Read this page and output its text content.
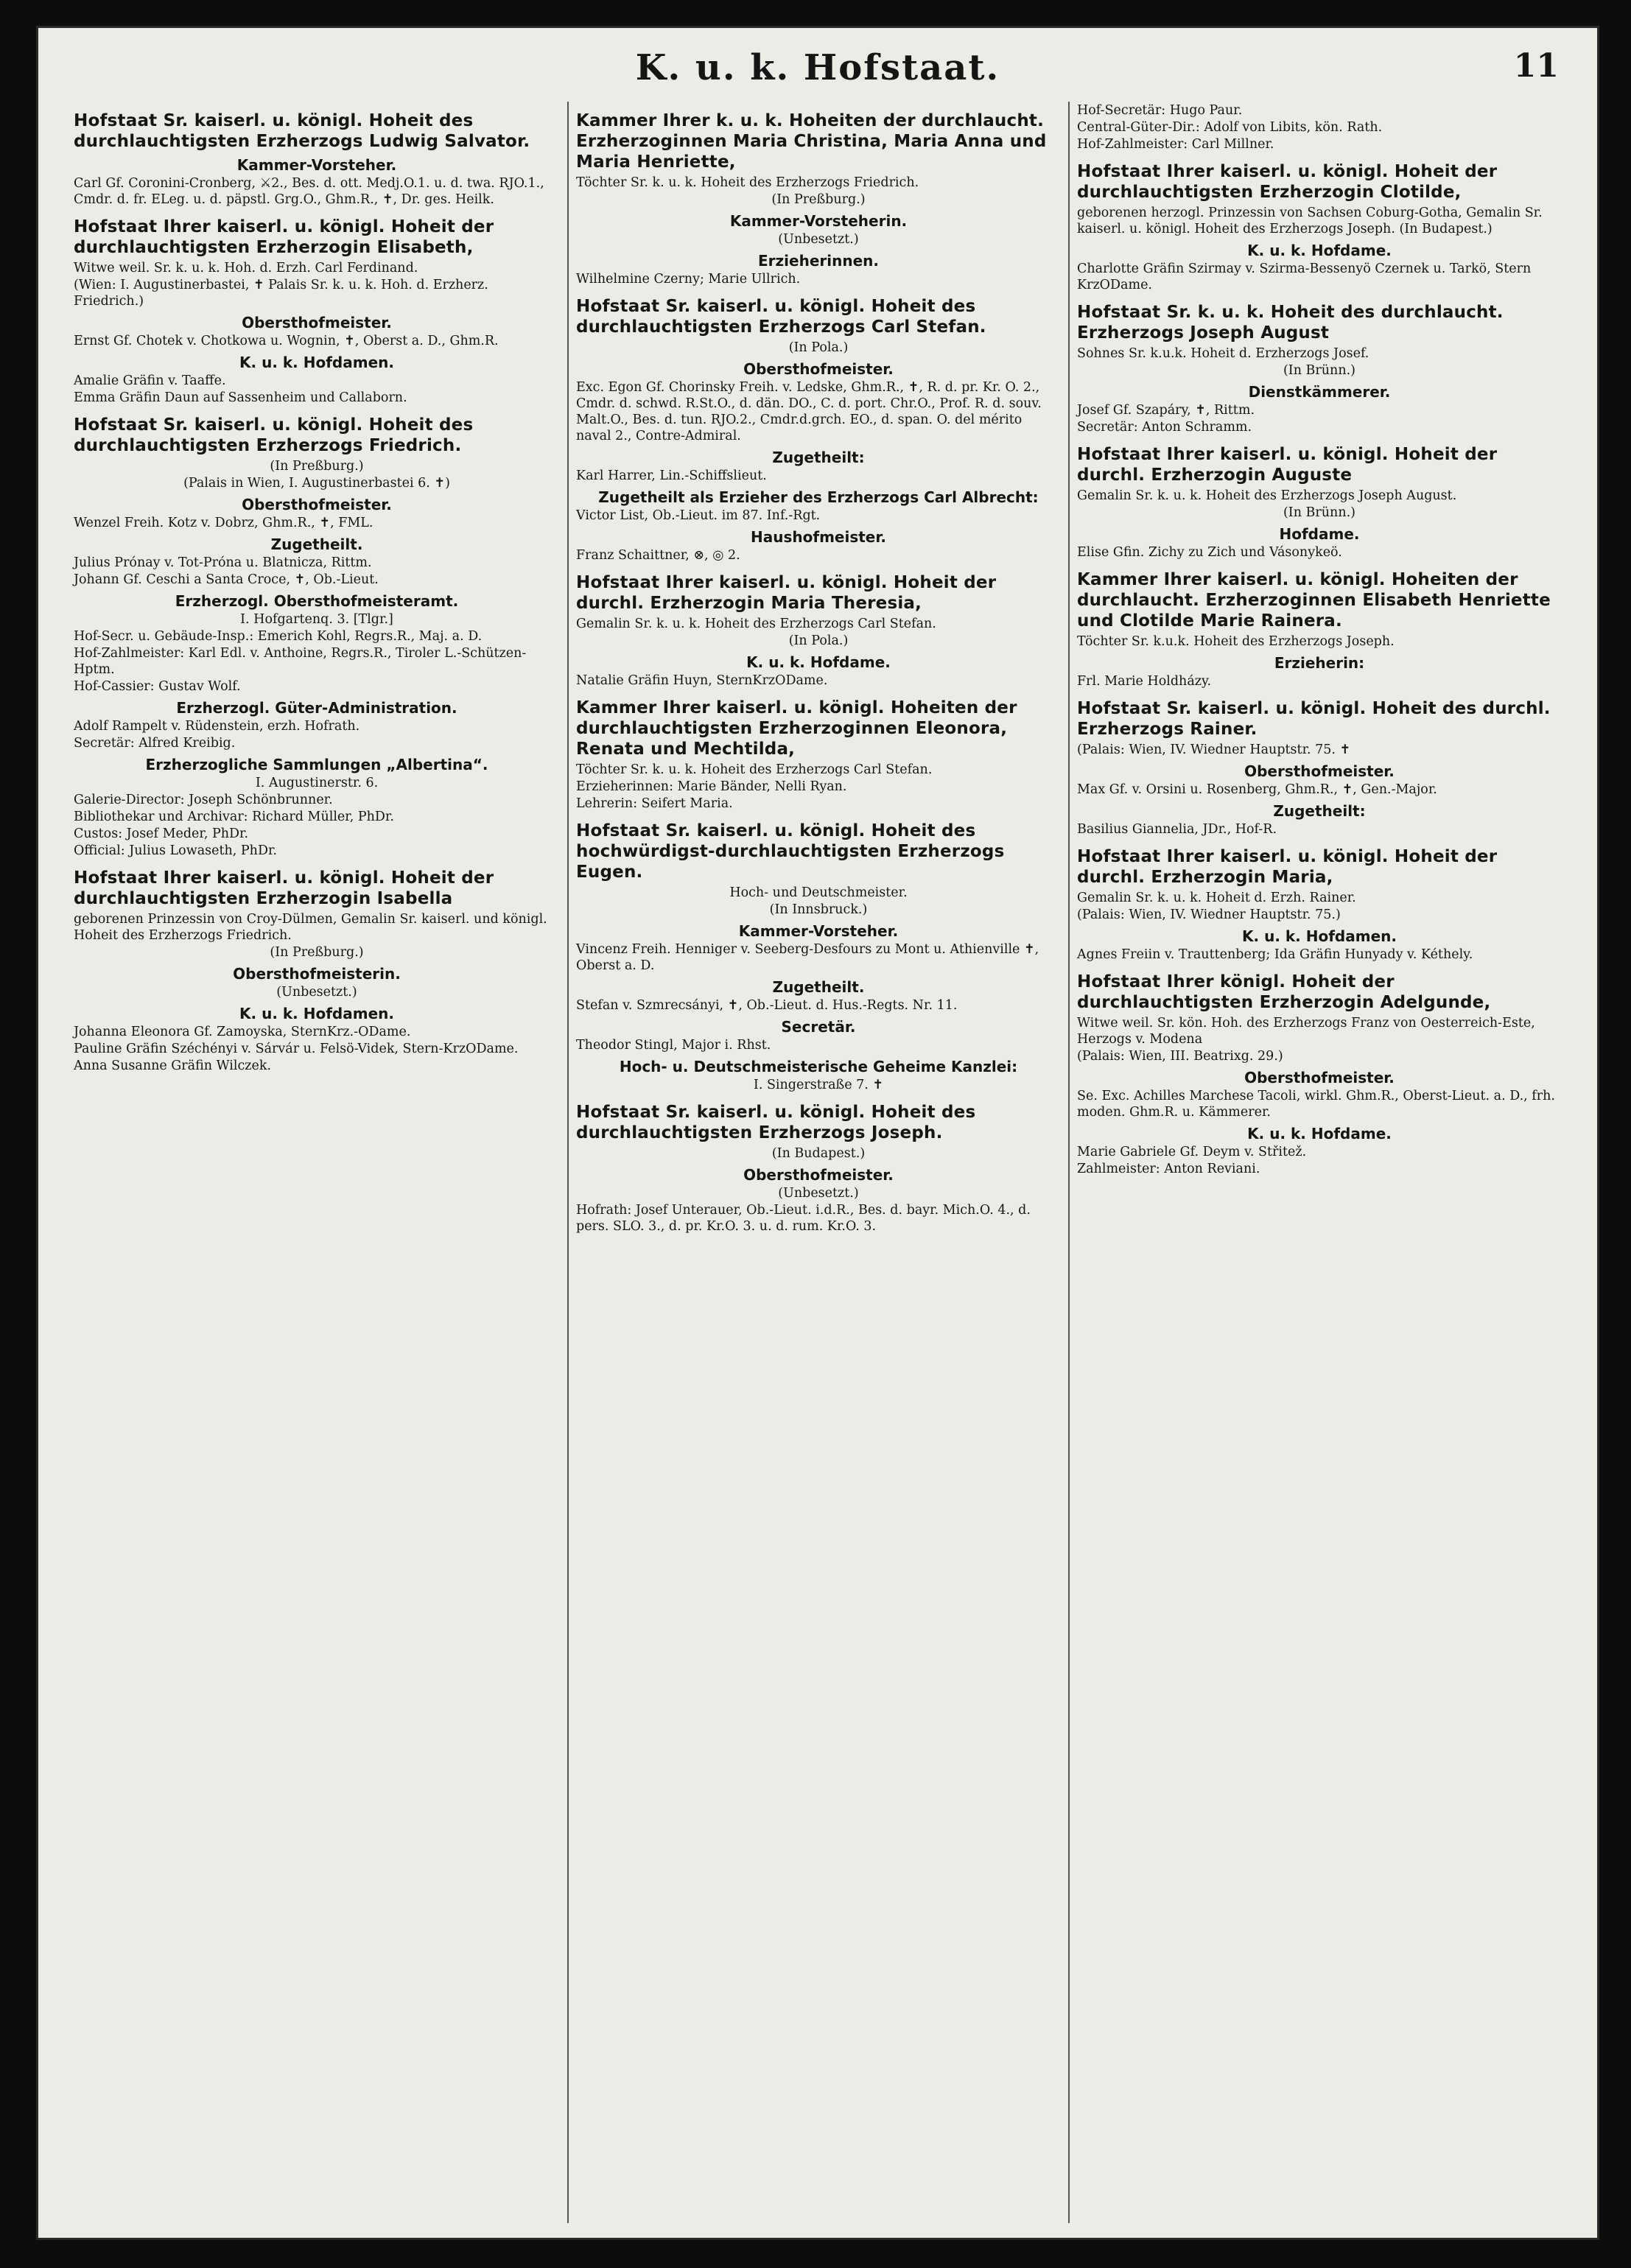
K. u. k. Hofstaat.	11
Hofstaat Sr. kaiserl. u. königl. Hoheit des durchlauchtigsten Erzherzogs Ludwig Salvator.
Kammer-Vorsteher.
Carl Gf. Coronini-Cronberg, ⚔2., Bes. d. ott. Medj.O.1. u. d. twa. RJO.1., Cmdr. d. fr. ELeg. u. d. päpstl. Grg.O., Ghm.R., ✝, Dr. ges. Heilk.
Hofstaat Ihrer kaiserl. u. königl. Hoheit der durchlauchtigsten Erzherzogin Elisabeth,
Witwe weil. Sr. k. u. k. Hoh. d. Erzh. Carl Ferdinand.
(Wien: I. Augustinerbastei, ✝ Palais Sr. k. u. k. Hoh. d. Erzherz. Friedrich.)
Obersthofmeister.
Ernst Gf. Chotek v. Chotkowa u. Wognin, ✝, Oberst a. D., Ghm.R.
K. u. k. Hofdamen.
Amalie Gräfin v. Taaffe.
Emma Gräfin Daun auf Sassenheim und Callaborn.
Hofstaat Sr. kaiserl. u. königl. Hoheit des durchlauchtigsten Erzherzogs Friedrich.
(In Preßburg.)
(Palais in Wien, I. Augustinerbastei 6. ✝)
Obersthofmeister.
Wenzel Freih. Kotz v. Dobrz, Ghm.R., ✝, FML.
Zugetheilt.
Julius Prónay v. Tot-Próna u. Blatnicza, Rittm.
Johann Gf. Ceschi a Santa Croce, ✝, Ob.-Lieut.
Erzherzogl. Obersthofmeisteramt.
I. Hofgartenq. 3. [Tlgr.]
Hof-Secr. u. Gebäude-Insp.: Emerich Kohl, Regrs.R., Maj. a. D.
Hof-Zahlmeister: Karl Edl. v. Anthoine, Regrs.R., Tiroler L.-Schützen-Hptm.
Hof-Cassier: Gustav Wolf.
Erzherzogl. Güter-Administration.
Adolf Rampelt v. Rüdenstein, erzh. Hofrath.
Secretär: Alfred Kreibig.
Erzherzogliche Sammlungen „Albertina“.
I. Augustinerstr. 6.
Galerie-Director: Joseph Schönbrunner.
Bibliothekar und Archivar: Richard Müller, PhDr.
Custos: Josef Meder, PhDr.
Official: Julius Lowaseth, PhDr.
Hofstaat Ihrer kaiserl. u. königl. Hoheit der durchlauchtigsten Erzherzogin Isabella
geborenen Prinzessin von Croy-Dülmen, Gemalin Sr. kaiserl. und königl. Hoheit des Erzherzogs Friedrich.
(In Preßburg.)
Obersthofmeisterin.
(Unbesetzt.)
K. u. k. Hofdamen.
Johanna Eleonora Gf. Zamoyska, SternKrz.-ODame.
Pauline Gräfin Széchényi v. Sárvár u. Felsö-Videk, Stern-KrzODame.
Anna Susanne Gräfin Wilczek.
Kammer Ihrer k. u. k. Hoheiten der durchlaucht. Erzherzoginnen Maria Christina, Maria Anna und Maria Henriette,
Töchter Sr. k. u. k. Hoheit des Erzherzogs Friedrich.
(In Preßburg.)
Kammer-Vorsteherin.
(Unbesetzt.)
Erzieherinnen.
Wilhelmine Czerny; Marie Ullrich.
Hofstaat Sr. kaiserl. u. königl. Hoheit des durchlauchtigsten Erzherzogs Carl Stefan.
(In Pola.)
Obersthofmeister.
Exc. Egon Gf. Chorinsky Freih. v. Ledske, Ghm.R., ✝, R. d. pr. Kr. O. 2., Cmdr. d. schwd. R.St.O., d. dän. DO., C. d. port. Chr.O., Prof. R. d. souv. Malt.O., Bes. d. tun. RJO.2., Cmdr.d.grch. EO., d. span. O. del mérito naval 2., Contre-Admiral.
Zugetheilt:
Karl Harrer, Lin.-Schiffslieut.
Zugetheilt als Erzieher des Erzherzogs Carl Albrecht:
Victor List, Ob.-Lieut. im 87. Inf.-Rgt.
Haushofmeister.
Franz Schaittner, ⊗, ◎ 2.
Hofstaat Ihrer kaiserl. u. königl. Hoheit der durchl. Erzherzogin Maria Theresia,
Gemalin Sr. k. u. k. Hoheit des Erzherzogs Carl Stefan.
(In Pola.)
K. u. k. Hofdame.
Natalie Gräfin Huyn, SternKrzODame.
Kammer Ihrer kaiserl. u. königl. Hoheiten der durchlauchtigsten Erzherzoginnen Eleonora, Renata und Mechtilda,
Töchter Sr. k. u. k. Hoheit des Erzherzogs Carl Stefan.
Erzieherinnen: Marie Bänder, Nelli Ryan.
Lehrerin: Seifert Maria.
Hofstaat Sr. kaiserl. u. königl. Hoheit des hochwürdigst-durchlauchtigsten Erzherzogs Eugen.
Hoch- und Deutschmeister.
(In Innsbruck.)
Kammer-Vorsteher.
Vincenz Freih. Henniger v. Seeberg-Desfours zu Mont u. Athienville ✝, Oberst a. D.
Zugetheilt.
Stefan v. Szmrecsányi, ✝, Ob.-Lieut. d. Hus.-Regts. Nr. 11.
Secretär.
Theodor Stingl, Major i. Rhst.
Hoch- u. Deutschmeisterische Geheime Kanzlei:
I. Singerstraße 7. ✝
Hofstaat Sr. kaiserl. u. königl. Hoheit des durchlauchtigsten Erzherzogs Joseph.
(In Budapest.)
Obersthofmeister.
(Unbesetzt.)
Hofrath: Josef Unterauer, Ob.-Lieut. i.d.R., Bes. d. bayr. Mich.O. 4., d. pers. SLO. 3., d. pr. Kr.O. 3. u. d. rum. Kr.O. 3.
Hof-Secretär: Hugo Paur.
Central-Güter-Dir.: Adolf von Libits, kön. Rath.
Hof-Zahlmeister: Carl Millner.
Hofstaat Ihrer kaiserl. u. königl. Hoheit der durchlauchtigsten Erzherzogin Clotilde,
geborenen herzogl. Prinzessin von Sachsen Coburg-Gotha, Gemalin Sr. kaiserl. u. königl. Hoheit des Erzherzogs Joseph. (In Budapest.)
K. u. k. Hofdame.
Charlotte Gräfin Szirmay v. Szirma-Bessenyö Czernek u. Tarkö, Stern KrzODame.
Hofstaat Sr. k. u. k. Hoheit des durchlaucht. Erzherzogs Joseph August
Sohnes Sr. k.u.k. Hoheit d. Erzherzogs Josef.
(In Brünn.)
Dienstkämmerer.
Josef Gf. Szapáry, ✝, Rittm.
Secretär: Anton Schramm.
Hofstaat Ihrer kaiserl. u. königl. Hoheit der durchl. Erzherzogin Auguste
Gemalin Sr. k. u. k. Hoheit des Erzherzogs Joseph August.
(In Brünn.)
Hofdame.
Elise Gfin. Zichy zu Zich und Vásonykeö.
Kammer Ihrer kaiserl. u. königl. Hoheiten der durchlaucht. Erzherzoginnen Elisabeth Henriette und Clotilde Marie Rainera.
Töchter Sr. k.u.k. Hoheit des Erzherzogs Joseph.
Erzieherin:
Frl. Marie Holdházy.
Hofstaat Sr. kaiserl. u. königl. Hoheit des durchl. Erzherzogs Rainer.
(Palais: Wien, IV. Wiedner Hauptstr. 75. ✝
Obersthofmeister.
Max Gf. v. Orsini u. Rosenberg, Ghm.R., ✝, Gen.-Major.
Zugetheilt:
Basilius Giannelia, JDr., Hof-R.
Hofstaat Ihrer kaiserl. u. königl. Hoheit der durchl. Erzherzogin Maria,
Gemalin Sr. k. u. k. Hoheit d. Erzh. Rainer.
(Palais: Wien, IV. Wiedner Hauptstr. 75.)
K. u. k. Hofdamen.
Agnes Freiin v. Trauttenberg; Ida Gräfin Hunyady v. Kéthely.
Hofstaat Ihrer königl. Hoheit der durchlauchtigsten Erzherzogin Adelgunde,
Witwe weil. Sr. kön. Hoh. des Erzherzogs Franz von Oesterreich-Este, Herzogs v. Modena
(Palais: Wien, III. Beatrixg. 29.)
Obersthofmeister.
Se. Exc. Achilles Marchese Tacoli, wirkl. Ghm.R., Oberst-Lieut. a. D., frh. moden. Ghm.R. u. Kämmerer.
K. u. k. Hofdame.
Marie Gabriele Gf. Deym v. Střitež.
Zahlmeister: Anton Reviani.
